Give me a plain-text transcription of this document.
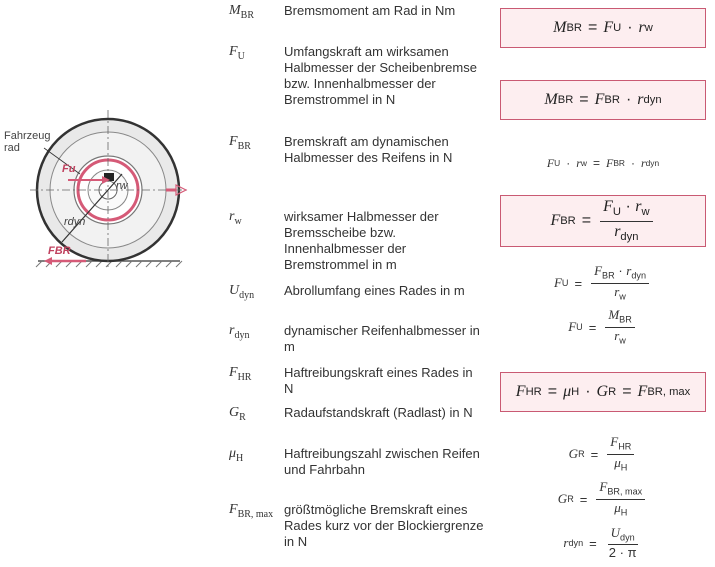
Fahrzeug rad
Fu
rw
rdyn
FBR
$M_{BR}$ Bremsmoment am Rad in Nm
$F_U$	Umfangskraft am wirksamen Halbmesser der Scheibenbremse bzw. Innenhalbmesser der Bremstrommel in N
$F_{BR}$	Bremskraft am dynamischen Halbmesser des Reifens in N
$r_w$	wirksamer Halbmesser der Bremsscheibe bzw. Innenhalbmesser der Bremstrommel in m
$U_{dyn}$ Abrollumfang eines Rades in m
$r_{dyn}$	dynamischer Reifenhalbmesser in m
$F_{HR}$	Haftreibungskraft eines Rades in N
$G_R$	Radaufstandskraft (Radlast) in N
$\mu_H$	Haftreibungszahl zwischen Reifen und Fahrbahn
$F_{BR, max}$ größtmögliche Bremskraft eines Rades kurz vor der Blockiergrenze in N
M BR = F U · r w
M BR = F BR · r dyn
F U · r w = F BR · r dyn
F BR = $\frac{F_U \cdot r_w}{r_{dyn}}$
F $U = \frac{F_{BR} \cdot r_{dyn}}{r_w}$
F $U = \frac{M_{BR}}{r_w}$
F HR = μ H · G R = F BR, max
G $R = \frac{F_{HR}}{\mu_H}$
G $R = \frac{F_{BR, max}}{\mu_H}$
r dyn = $\frac{U_{dyn}}{2 \cdot \pi}$
